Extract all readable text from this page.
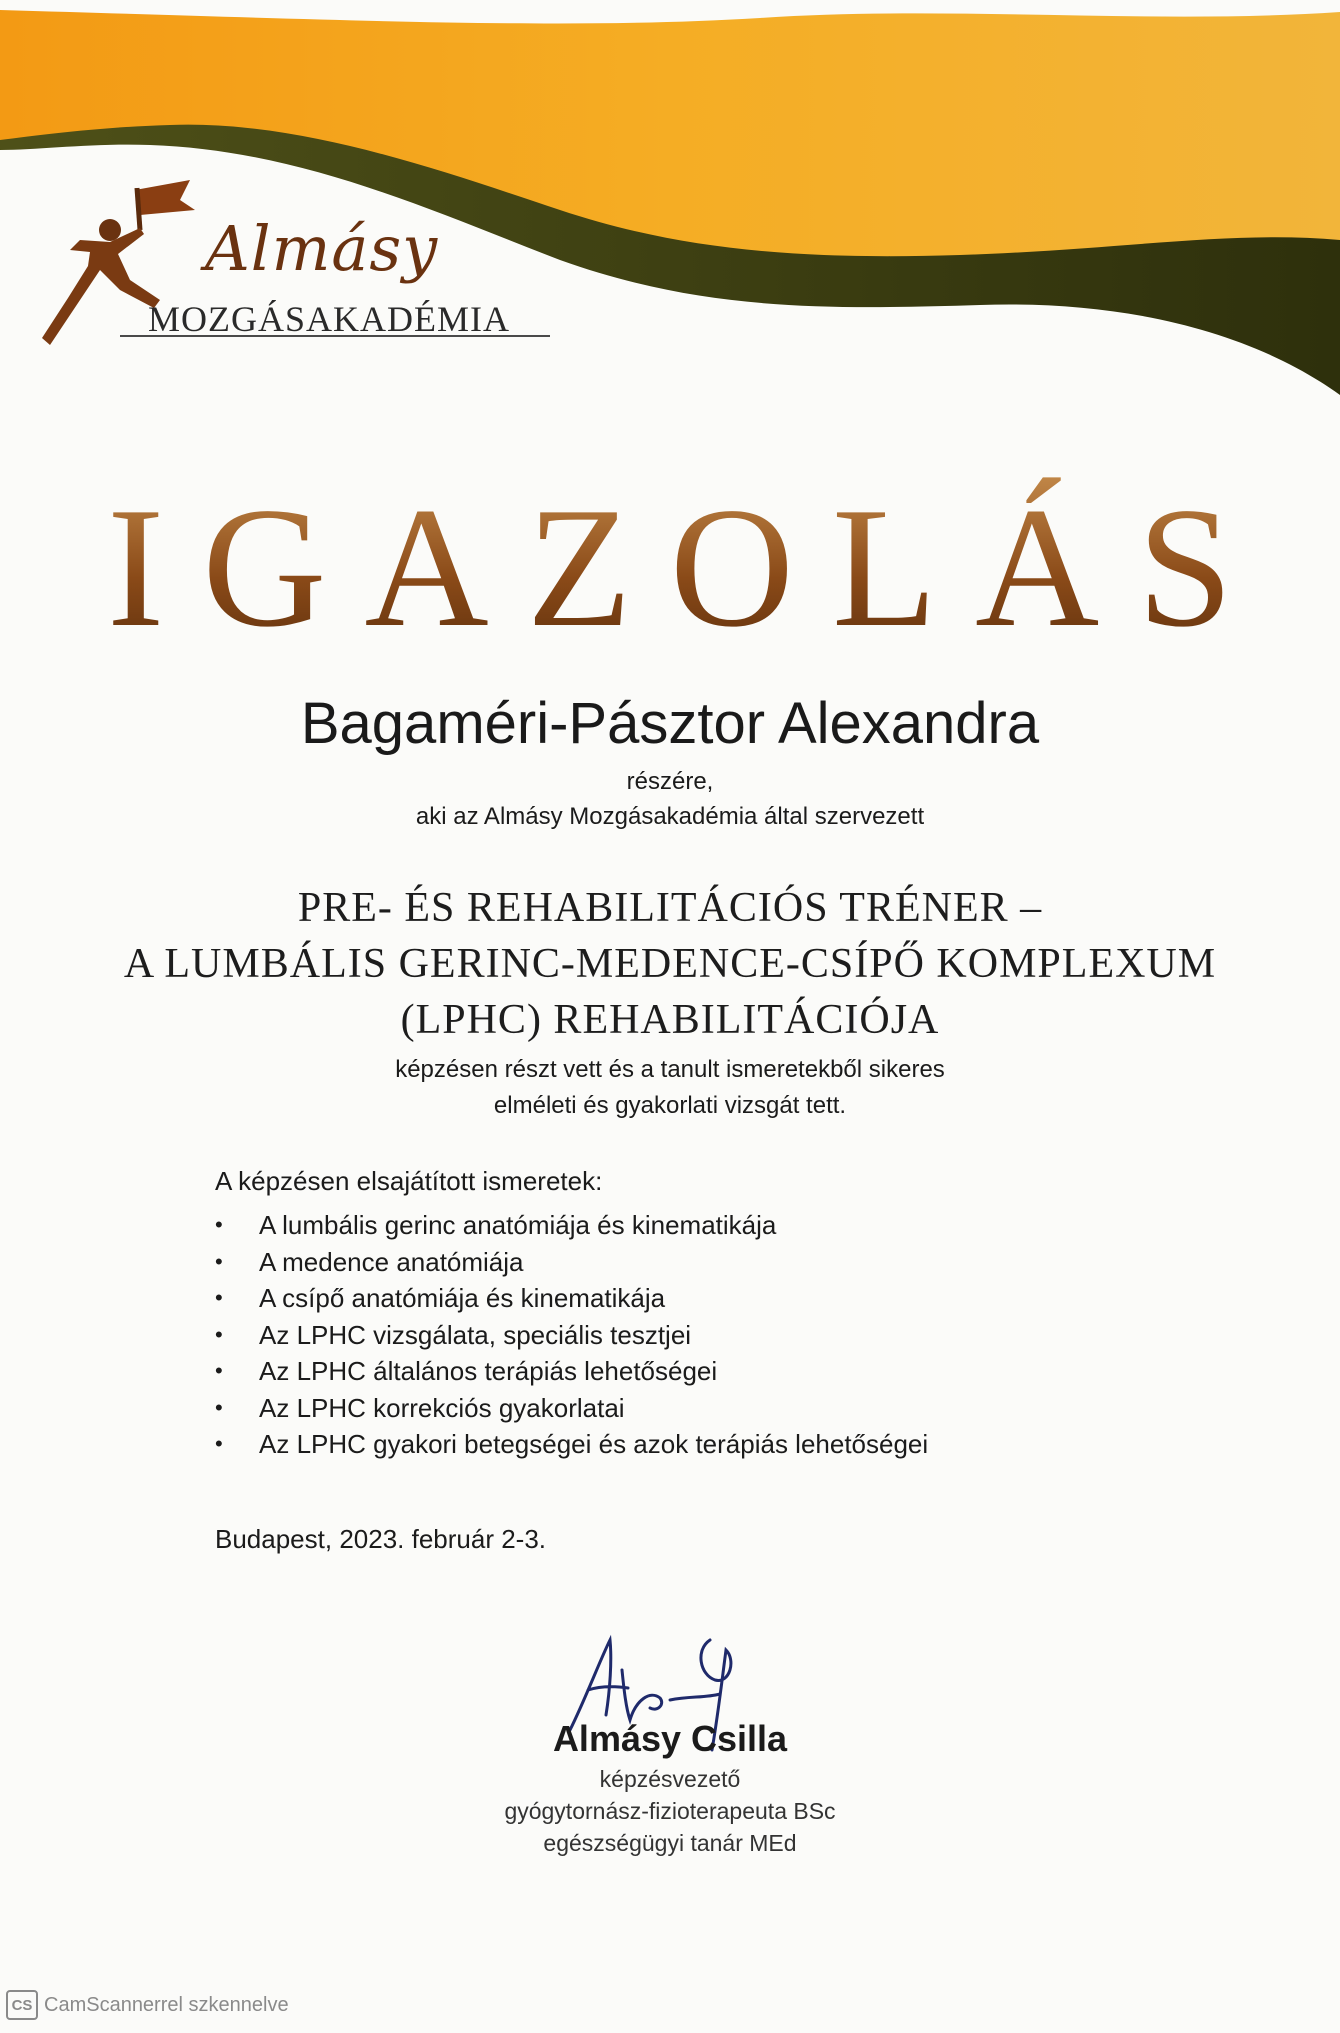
Almásy
MOZGÁSAKADÉMIA
IGAZOLÁS
Bagaméri-Pásztor Alexandra
részére,
aki az Almásy Mozgásakadémia által szervezett
PRE- ÉS REHABILITÁCIÓS TRÉNER –
A LUMBÁLIS GERINC-MEDENCE-CSÍPŐ KOMPLEXUM
(LPHC) REHABILITÁCIÓJA
képzésen részt vett és a tanult ismeretekből sikeres
elméleti és gyakorlati vizsgát tett.
A képzésen elsajátított ismeretek:
• A lumbális gerinc anatómiája és kinematikája
• A medence anatómiája
• A csípő anatómiája és kinematikája
• Az LPHC vizsgálata, speciális tesztjei
• Az LPHC általános terápiás lehetőségei
• Az LPHC korrekciós gyakorlatai
• Az LPHC gyakori betegségei és azok terápiás lehetőségei
Budapest, 2023. február 2-3.
Almásy Csilla
képzésvezető
gyógytornász-fizioterapeuta BSc
egészségügyi tanár MEd
CS CamScannerrel szkennelve
